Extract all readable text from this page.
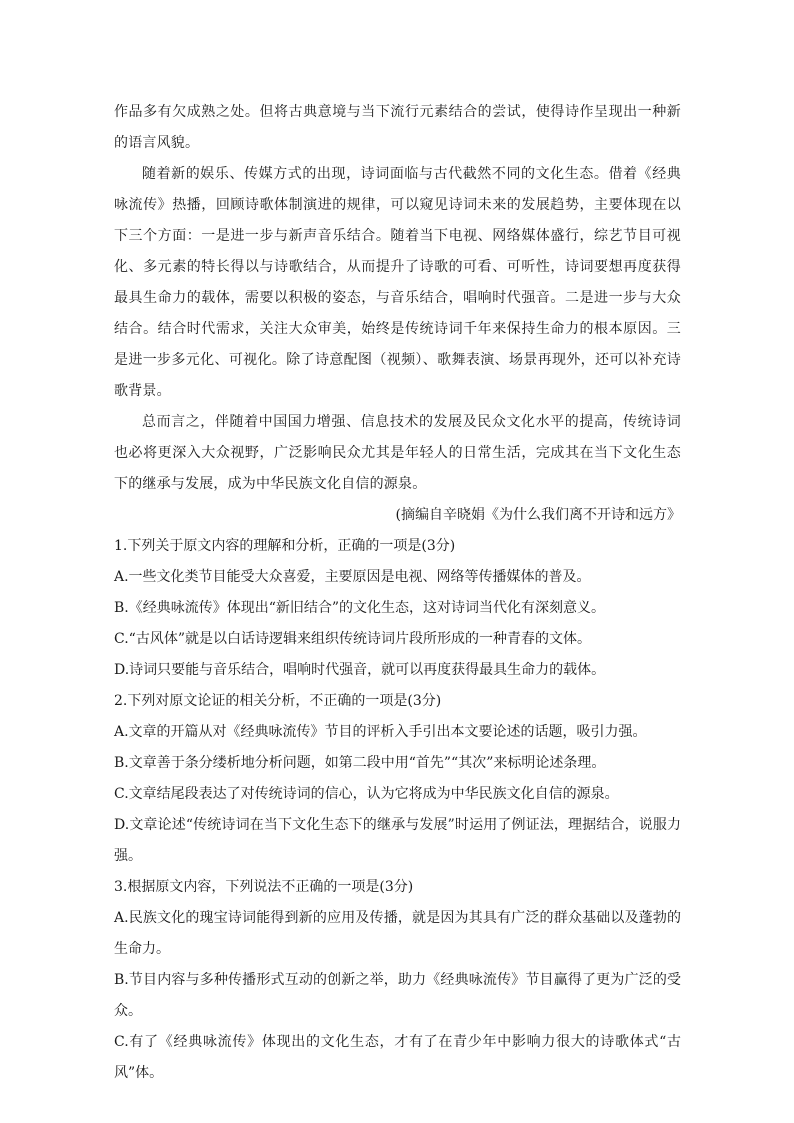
作品多有欠成熟之处。但将古典意境与当下流行元素结合的尝试，使得诗作呈现出一种新的语言风貌。

随着新的娱乐、传媒方式的出现，诗词面临与古代截然不同的文化生态。借着《经典咏流传》热播，回顾诗歌体制演进的规律，可以窥见诗词未来的发展趋势，主要体现在以下三个方面：一是进一步与新声音乐结合。随着当下电视、网络媒体盛行，综艺节目可视化、多元素的特长得以与诗歌结合，从而提升了诗歌的可看、可听性，诗词要想再度获得最具生命力的载体，需要以积极的姿态，与音乐结合，唱响时代强音。二是进一步与大众结合。结合时代需求，关注大众审美，始终是传统诗词千年来保持生命力的根本原因。三是进一步多元化、可视化。除了诗意配图（视频）、歌舞表演、场景再现外，还可以补充诗歌背景。

总而言之，伴随着中国国力增强、信息技术的发展及民众文化水平的提高，传统诗词也必将更深入大众视野，广泛影响民众尤其是年轻人的日常生活，完成其在当下文化生态下的继承与发展，成为中华民族文化自信的源泉。

(摘编自辛晓娟《为什么我们离不开诗和远方》

1.下列关于原文内容的理解和分析，正确的一项是(3分)

A.一些文化类节目能受大众喜爱，主要原因是电视、网络等传播媒体的普及。

B.《经典咏流传》体现出“新旧结合”的文化生态，这对诗词当代化有深刻意义。

C.“古风体”就是以白话诗逻辑来组织传统诗词片段所形成的一种青春的文体。

D.诗词只要能与音乐结合，唱响时代强音，就可以再度获得最具生命力的载体。

2.下列对原文论证的相关分析，不正确的一项是(3分)

A.文章的开篇从对《经典咏流传》节目的评析入手引出本文要论述的话题，吸引力强。

B.文章善于条分缕析地分析问题，如第二段中用“首先”“其次”来标明论述条理。

C.文章结尾段表达了对传统诗词的信心，认为它将成为中华民族文化自信的源泉。

D.文章论述“传统诗词在当下文化生态下的继承与发展”时运用了例证法，理据结合，说服力强。

3.根据原文内容，下列说法不正确的一项是(3分)

A.民族文化的瑰宝诗词能得到新的应用及传播，就是因为其具有广泛的群众基础以及蓬勃的生命力。

B.节目内容与多种传播形式互动的创新之举，助力《经典咏流传》节目赢得了更为广泛的受众。

C.有了《经典咏流传》体现出的文化生态，才有了在青少年中影响力很大的诗歌体式“古风”体。
